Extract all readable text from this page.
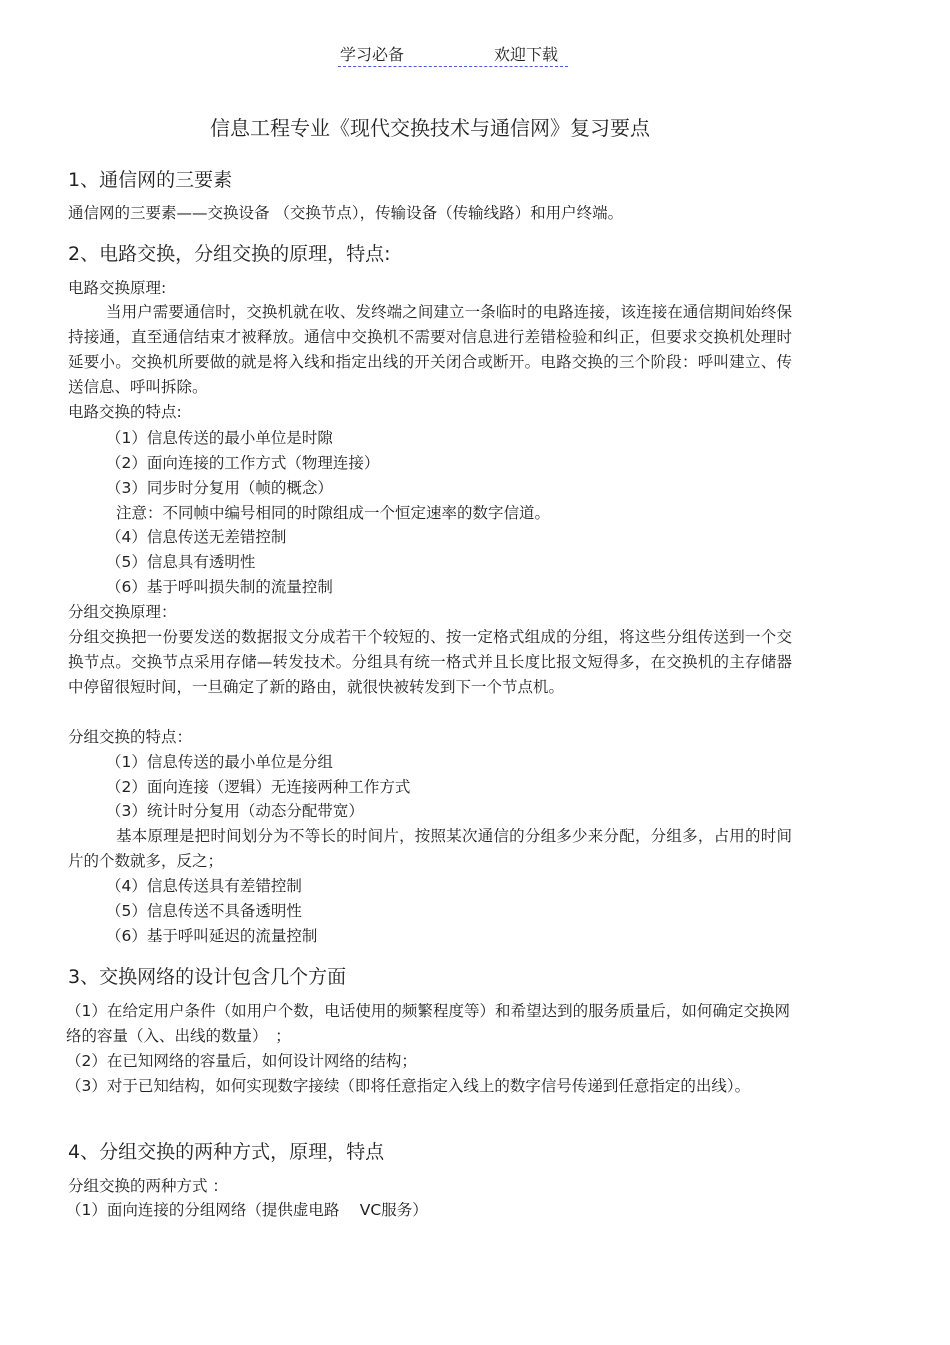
学习必备	欢迎下载
信息工程专业《现代交换技术与通信网》复习要点
1、通信网的三要素
通信网的三要素——交换设备 （交换节点），传输设备（传输线路）和用户终端。
2、电路交换，分组交换的原理，特点:
电路交换原理:
当用户需要通信时，交换机就在收、发终端之间建立一条临时的电路连接，该连接在通信期间始终保持接通，直至通信结束才被释放。通信中交换机不需要对信息进行差错检验和纠正，但要求交换机处理时延要小。交换机所要做的就是将入线和指定出线的开关闭合或断开。电路交换的三个阶段：呼叫建立、传送信息、呼叫拆除。
电路交换的特点:
（1）信息传送的最小单位是时隙
（2）面向连接的工作方式（物理连接）
（3）同步时分复用（帧的概念）
注意：不同帧中编号相同的时隙组成一个恒定速率的数字信道。
（4）信息传送无差错控制
（5）信息具有透明性
（6）基于呼叫损失制的流量控制
分组交换原理：
分组交换把一份要发送的数据报文分成若干个较短的、按一定格式组成的分组，将这些分组传送到一个交换节点。交换节点采用存储—转发技术。分组具有统一格式并且长度比报文短得多，在交换机的主存储器中停留很短时间，一旦确定了新的路由，就很快被转发到下一个节点机。
分组交换的特点：
（1）信息传送的最小单位是分组
（2）面向连接（逻辑）无连接两种工作方式
（3）统计时分复用（动态分配带宽）
基本原理是把时间划分为不等长的时间片，按照某次通信的分组多少来分配，分组多，占用的时间片的个数就多，反之；
（4）信息传送具有差错控制
（5）信息传送不具备透明性
（6）基于呼叫延迟的流量控制
3、交换网络的设计包含几个方面
（1）在给定用户条件（如用户个数，电话使用的频繁程度等）和希望达到的服务质量后，如何确定交换网络的容量（入、出线的数量）　；
（2）在已知网络的容量后，如何设计网络的结构；
（3）对于已知结构，如何实现数字接续（即将任意指定入线上的数字信号传递到任意指定的出线）。
4、分组交换的两种方式，原理，特点
分组交换的两种方式 ：
（1）面向连接的分组网络（提供虚电路　 VC服务）
